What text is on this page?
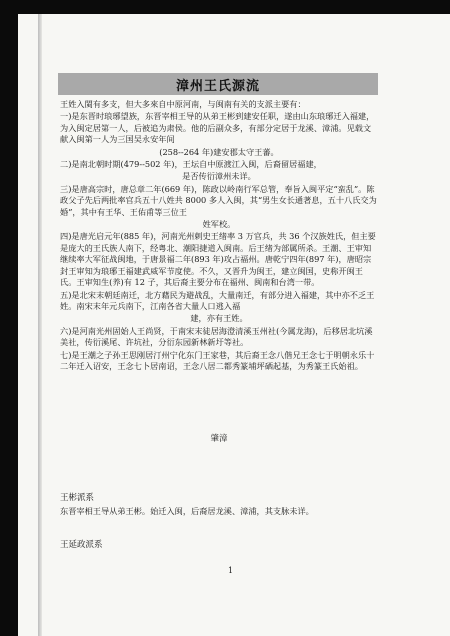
漳州王氏源流

王姓入閩有多支，但大多來自中原河南，与闽南有关的支派主要有：

一)是东晋时琅琊望族，东晋宰相王导的从弟王彬到建安任职，遂由山东琅琊迁入福建，为入闽定居第一人，后被追为肃侯。他的后副众多，有部分定居于龙溪、漳浦。见载文献入闽第一人为三国吴永安年间

(258--264 年)建安郡太守王蕃。

二)是南北朝时期(479--502 年)，王坛自中原渡江入闽，后裔留居福建，

是否传衍漳州未详。

三)是唐高宗时，唐总章二年(669 年)，陈政以岭南行军总管，奉旨入闽平定“蛮乱”。陈政父子先后两批率官兵五十八姓共 8000 多人入闽，其“男生女长通著息，五十八氏交为婚”，其中有王华、王佑甫等三位王

姓军校。

四)是唐光启元年(885 年)，河南光州刺史王绪率 3 万官兵，共 36 个汉族姓氏，但主要是庞大的王氏族人南下，经粤北、潮阳捷道入闽南。后王绪为部属所杀。王潮、王审知继续率大军征战闽地，于唐景福二年(893 年)攻占福州。唐乾宁四年(897 年)，唐昭宗封王审知为琅琊王福建武威军节度使。不久，又晋升为闽王，建立闽国，史称开闽王氏。王审知生(养)有 12 子，其后裔主要分布在福州、闽南和台湾一带。

五)是北宋末朝廷南迁，北方藉民为避战乱，大量南迁，有部分进入福建，其中亦不乏王姓。南宋末年元兵南下，江南各省大量人口逃入福

建，亦有王姓。

六)是河南光州固始人王尚贤，于南宋末徒居海澄清溪玉州社(今属龙海)，后移居北坑溪美社，传衍溪尾、许坑社，分衍东园新林新圩等社。

七)是王潮之子孙王思刚居汀州宁化东门王家巷，其后裔王念八偕兄王念七于明朝永乐十二年迁入诏安，王念七卜居南诏，王念八居二都秀篆埔坪硒起基，为秀篆王氏始祖。

肇漳
王彬派系
东晋宰相王导从弟王彬。始迁入闽，后裔居龙溪、漳浦，其支脉未详。
王延政派系
1
